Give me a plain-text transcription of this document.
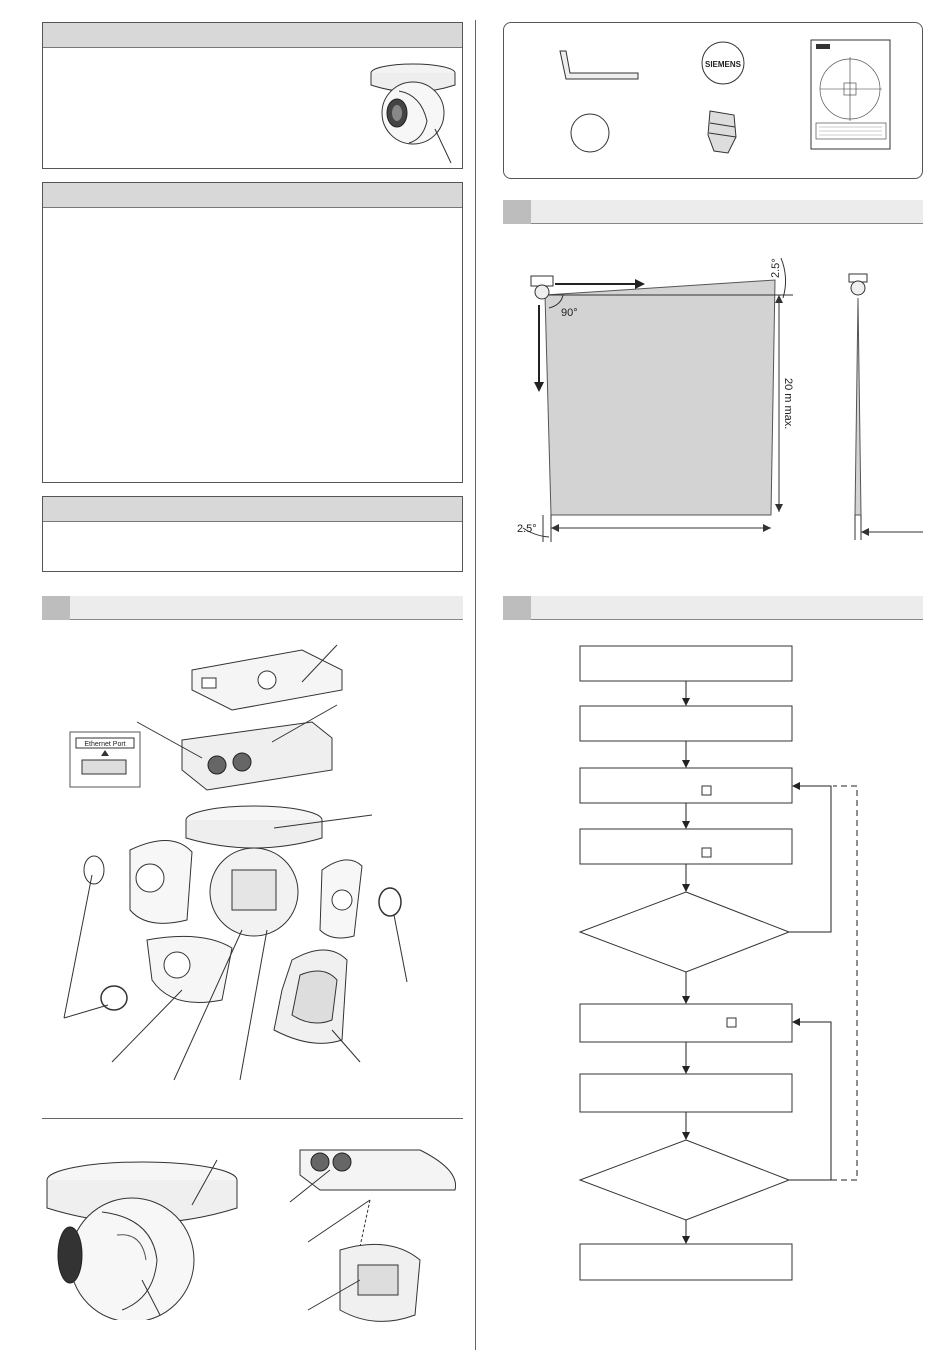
Ethernet Port
SIEMENS
90°
2.5°
20 m max.
2.5°
